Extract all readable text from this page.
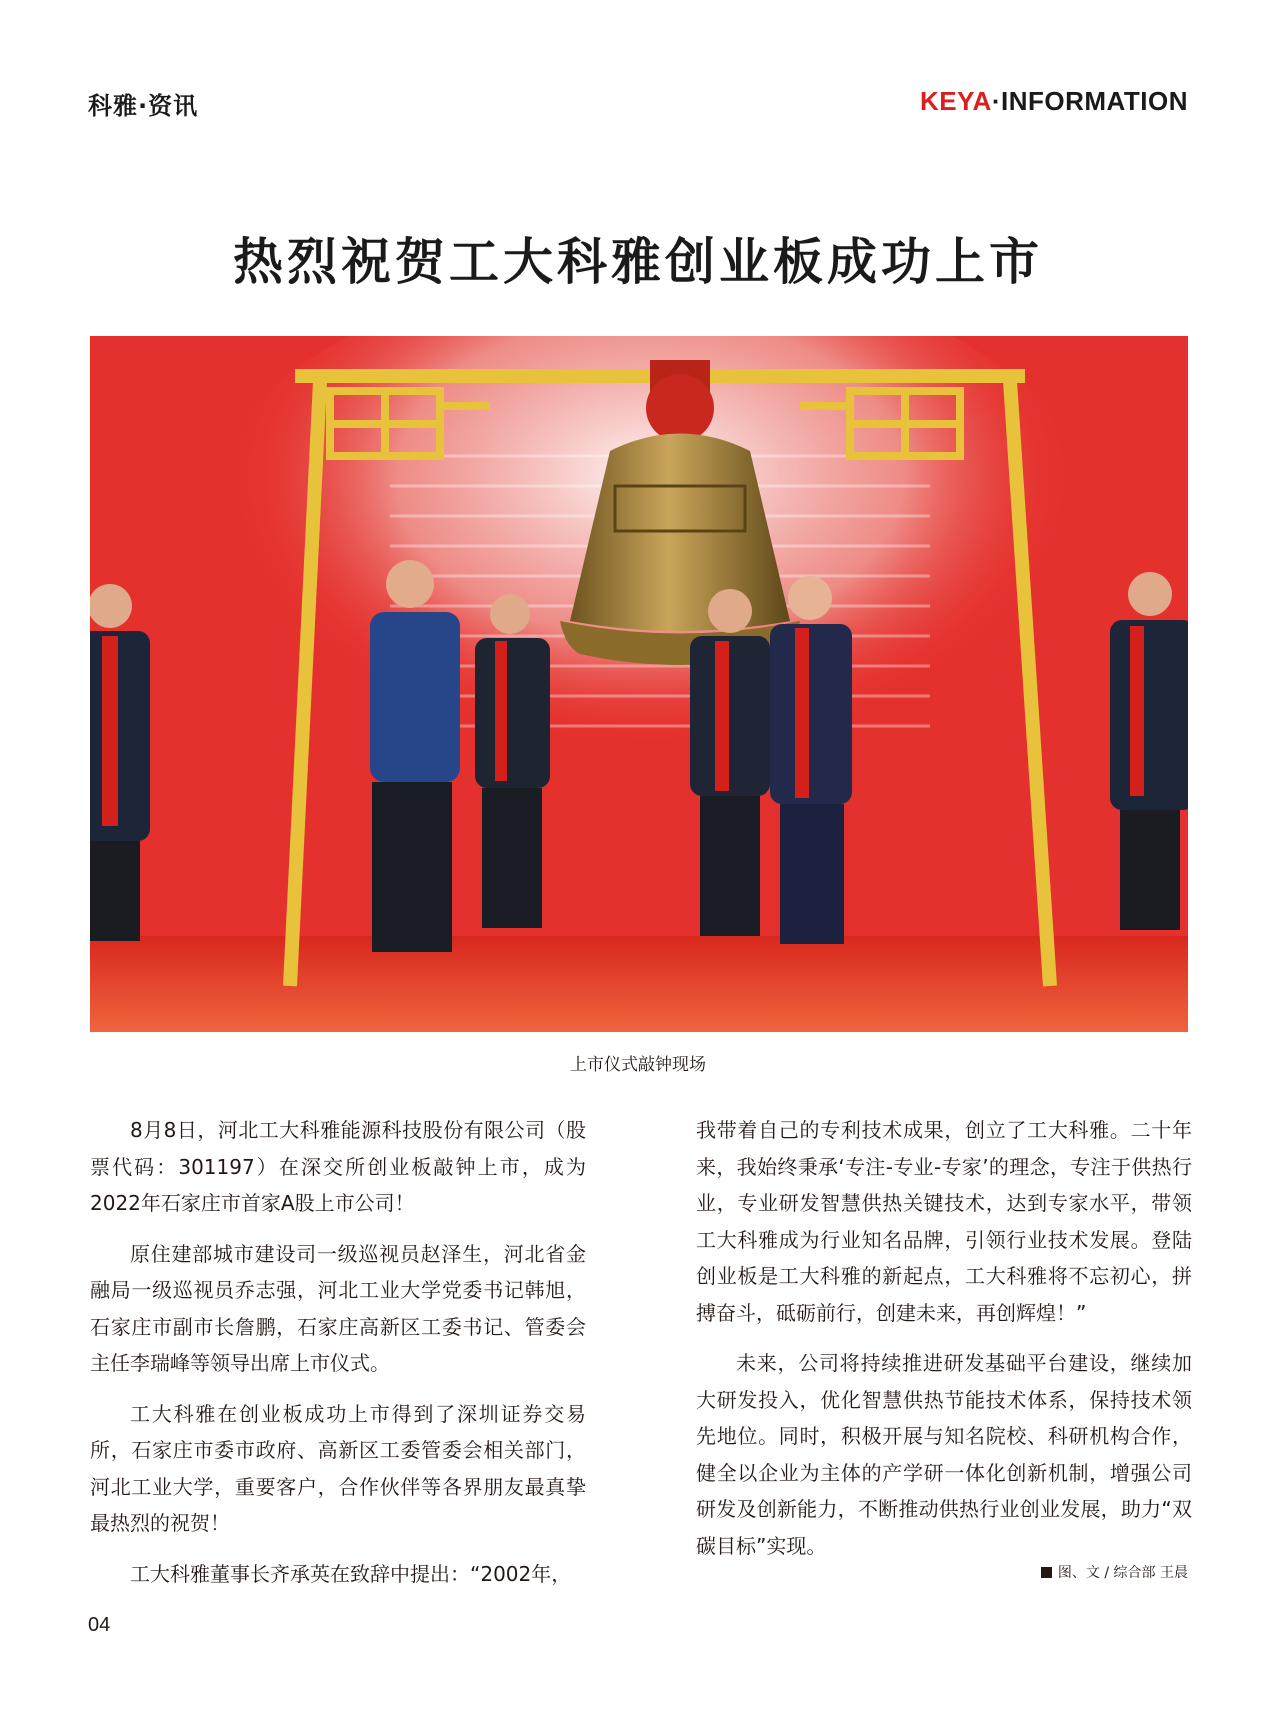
科雅·资讯	KEYA·INFORMATION
热烈祝贺工大科雅创业板成功上市
上市仪式敲钟现场

8月8日，河北工大科雅能源科技股份有限公司（股票代码：301197）在深交所创业板敲钟上市，成为2022年石家庄市首家A股上市公司！

原住建部城市建设司一级巡视员赵泽生，河北省金融局一级巡视员乔志强，河北工业大学党委书记韩旭，石家庄市副市长詹鹏，石家庄高新区工委书记、管委会主任李瑞峰等领导出席上市仪式。

工大科雅在创业板成功上市得到了深圳证券交易所，石家庄市委市政府、高新区工委管委会相关部门，河北工业大学，重要客户，合作伙伴等各界朋友最真挚最热烈的祝贺！

工大科雅董事长齐承英在致辞中提出：“2002年，

我带着自己的专利技术成果，创立了工大科雅。二十年来，我始终秉承‘专注-专业-专家’的理念，专注于供热行业，专业研发智慧供热关键技术，达到专家水平，带领工大科雅成为行业知名品牌，引领行业技术发展。登陆创业板是工大科雅的新起点，工大科雅将不忘初心，拼搏奋斗，砥砺前行，创建未来，再创辉煌！”

未来，公司将持续推进研发基础平台建设，继续加大研发投入，优化智慧供热节能技术体系，保持技术领先地位。同时，积极开展与知名院校、科研机构合作，健全以企业为主体的产学研一体化创新机制，增强公司研发及创新能力，不断推动供热行业创业发展，助力“双碳目标”实现。

图、文 / 综合部 王晨
04
